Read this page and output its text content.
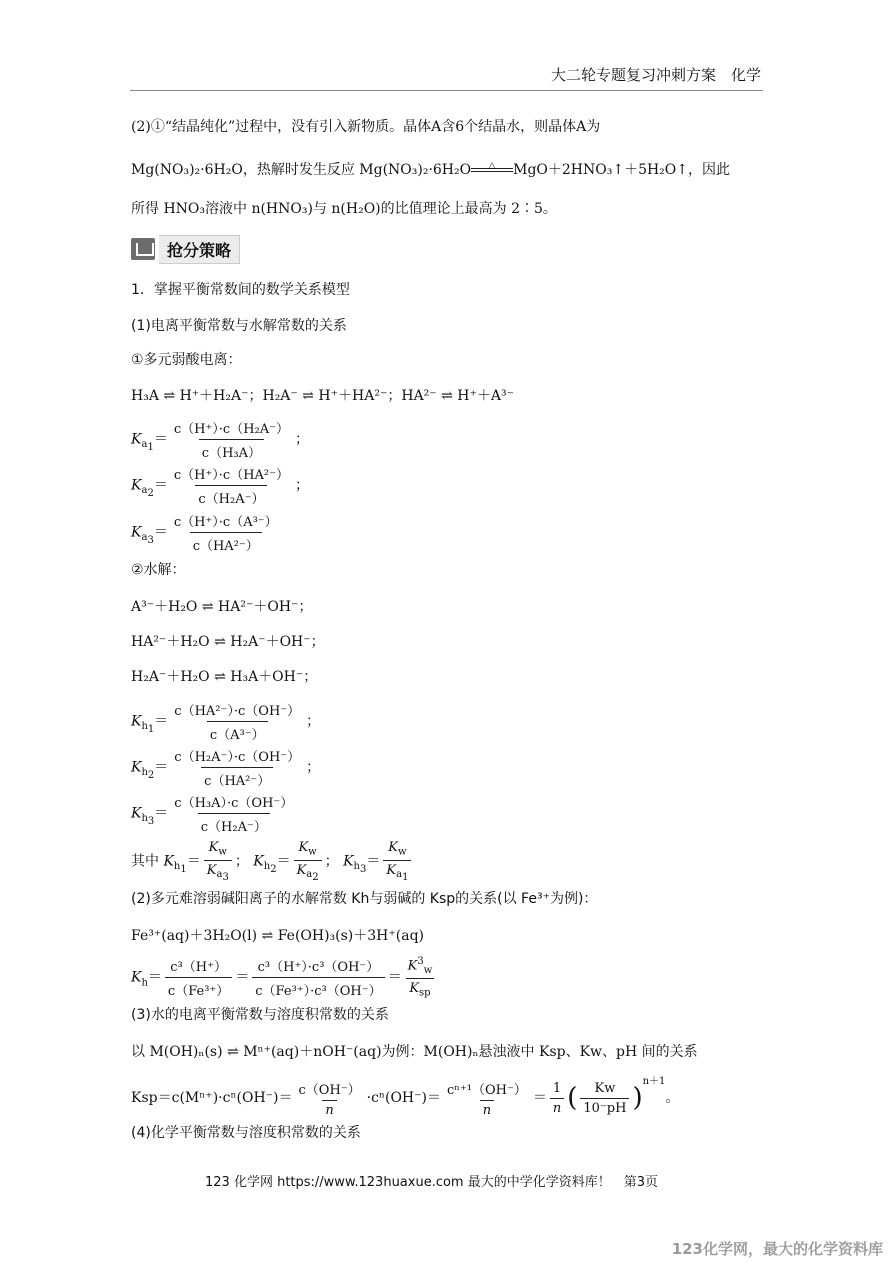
大二轮专题复习冲刺方案　化学
(2)①“结晶纯化”过程中，没有引入新物质。晶体A含6个结晶水，则晶体A为
Mg(NO₃)₂·6H₂O，热解时发生反应 Mg(NO₃)₂·6H₂O	△	MgO＋2HNO₃↑＋5H₂O↑，因此
所得 HNO₃溶液中 n(HNO₃)与 n(H₂O)的比值理论上最高为 2∶5。
抢分策略
1．掌握平衡常数间的数学关系模型
(1)电离平衡常数与水解常数的关系
①多元弱酸电离：
H₃A ⇌ H⁺＋H₂A⁻；H₂A⁻ ⇌ H⁺＋HA²⁻；HA²⁻ ⇌ H⁺＋A³⁻
$K_{a_1}= \frac{\text{c（H⁺）·c（H₂A⁻）}}{\text{c（H₃A）}}$ ；
$K_{a_2}= \frac{\text{c（H⁺）·c（HA²⁻）}}{\text{c（H₂A⁻）}}$ ；
$K_{a_3}= \frac{\text{c（H⁺）·c（A³⁻）}}{\text{c（HA²⁻）}}$
②水解：
A³⁻＋H₂O ⇌ HA²⁻＋OH⁻；
HA²⁻＋H₂O ⇌ H₂A⁻＋OH⁻；
H₂A⁻＋H₂O ⇌ H₃A＋OH⁻；
$K_{h_1}= \frac{\text{c（HA²⁻）·c（OH⁻）}}{\text{c（A³⁻）}}$ ；
$K_{h_2}= \frac{\text{c（H₂A⁻）·c（OH⁻）}}{\text{c（HA²⁻）}}$ ；
$K_{h_3}= \frac{\text{c（H₃A）·c（OH⁻）}}{\text{c（H₂A⁻）}}$
其中 $K_{h_1}= \frac{K_w}{K_{a_3}}$ ； $K_{h_2}= \frac{K_w}{K_{a_2}}$ ； $K_{h_3}= \frac{K_w}{K_{a_1}}$
(2)多元难溶弱碱阳离子的水解常数 Kh与弱碱的 Ksp的关系(以 Fe³⁺为例)：
Fe³⁺(aq)＋3H₂O(l) ⇌ Fe(OH)₃(s)＋3H⁺(aq)
$K_h= \frac{\text{c³（H⁺）}}{\text{c（Fe³⁺）}} = \frac{\text{c³（H⁺）·c³（OH⁻）}}{\text{c（Fe³⁺）·c³（OH⁻）}} = \frac{K^3_w}{K_{sp}}$
(3)水的电离平衡常数与溶度积常数的关系
以 M(OH)ₙ(s) ⇌ Mⁿ⁺(aq)＋nOH⁻(aq)为例：M(OH)ₙ悬浊液中 Ksp、Kw、pH 间的关系
$Ksp=c(M^{n+})\cdot c^n(OH^-)= \frac{c(OH^-)}{n} \cdot c^n(OH^-)= \frac{\text{cⁿ⁺¹（OH⁻）}}{n} = \frac{1}{n}$ ( $\frac{Kw}{10^-pH} )^{n+1}$。
(4)化学平衡常数与溶度积常数的关系
123 化学网 https://www.123huaxue.com 最大的中学化学资料库！　第3页
123化学网，最大的化学资料库
